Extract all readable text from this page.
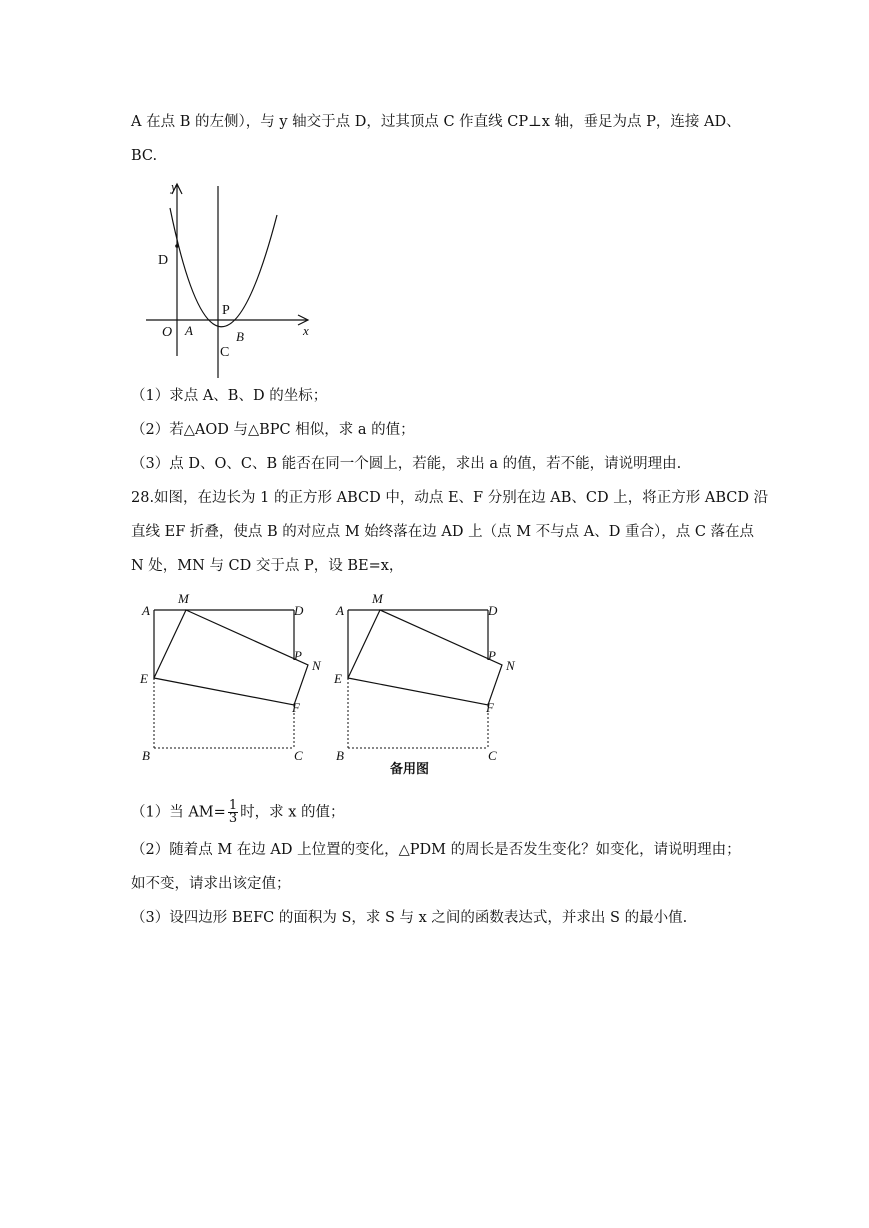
A 在点 B 的左侧），与 y 轴交于点 D，过其顶点 C 作直线 CP⊥x 轴，垂足为点 P，连接 AD、
BC.
y
x
D
O A
P
B
C
（1）求点 A、B、D 的坐标；
（2）若△AOD 与△BPC 相似，求 a 的值；
（3）点 D、O、C、B 能否在同一个圆上，若能，求出 a 的值，若不能，请说明理由.
28.如图，在边长为 1 的正方形 ABCD 中，动点 E、F 分别在边 AB、CD 上，将正方形 ABCD 沿
直线 EF 折叠，使点 B 的对应点 M 始终落在边 AD 上（点 M 不与点 A、D 重合），点 C 落在点
N 处，MN 与 CD 交于点 P，设 BE=x，
A
M
D
P
N
E
F
B	C
A
M
D
P
N
E
F
B	C
备用图
（1）当 $AM= \frac{1}{3}$ 时，求 x 的值；
（2）随着点 M 在边 AD 上位置的变化，△PDM 的周长是否发生变化？如变化，请说明理由；
如不变，请求出该定值；
（3）设四边形 BEFC 的面积为 S，求 S 与 x 之间的函数表达式，并求出 S 的最小值.
